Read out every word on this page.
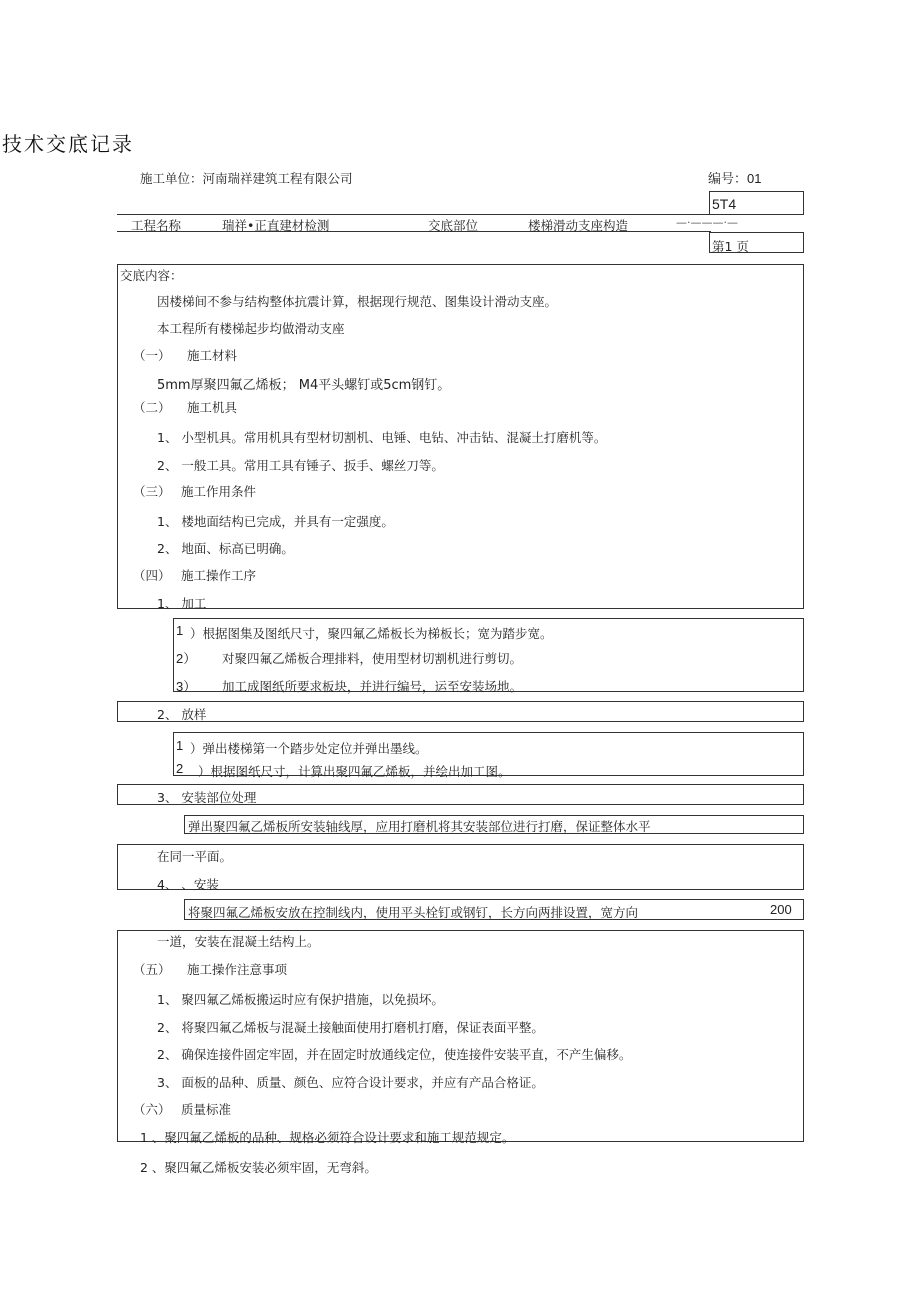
技术交底记录
施工单位：河南瑞祥建筑工程有限公司	编号：01
5T4
工程名称	瑞祥•正直建材检测	交底部位	楼梯滑动支座构造	—·———·—
第1 页
交底内容：
因楼梯间不参与结构整体抗震计算，根据现行规范、图集设计滑动支座。
本工程所有楼梯起步均做滑动支座
（一） 施工材料
5mm厚聚四氟乙烯板； M4平头螺钉或5cm钢钉。
（二） 施工机具
1、 小型机具。常用机具有型材切割机、电锤、电钻、冲击钻、混凝土打磨机等。
2、 一般工具。常用工具有锤子、扳手、螺丝刀等。
（三） 施工作用条件
1、 楼地面结构已完成，并具有一定强度。
2、 地面、标高已明确。
（四） 施工操作工序
1、 加工
1 ）根据图集及图纸尺寸，聚四氟乙烯板长为梯板长；宽为踏步宽。
2） 对聚四氟乙烯板合理排料，使用型材切割机进行剪切。
3） 加工成图纸所要求板块，并进行编号，运至安装场地。
2、 放样
1 ）弹出楼梯第一个踏步处定位并弹出墨线。
2 ）根据图纸尺寸，计算出聚四氟乙烯板，并绘出加工图。
3、 安装部位处理
弹出聚四氟乙烯板所安装轴线厚，应用打磨机将其安装部位进行打磨，保证整体水平
在同一平面。
4、 、安装
将聚四氟乙烯板安放在控制线内，使用平头栓钉或钢钉，长方向两排设置，宽方向	200
一道，安装在混凝土结构上。
（五） 施工操作注意事项
1、 聚四氟乙烯板搬运时应有保护措施，以免损坏。
2、 将聚四氟乙烯板与混凝土接触面使用打磨机打磨，保证表面平整。
2、 确保连接件固定牢固，并在固定时放通线定位，使连接件安装平直，不产生偏移。
3、 面板的品种、质量、颜色、应符合设计要求，并应有产品合格证。
（六） 质量标准
1 、聚四氟乙烯板的品种、规格必须符合设计要求和施工规范规定。
2 、聚四氟乙烯板安装必须牢固，无弯斜。
